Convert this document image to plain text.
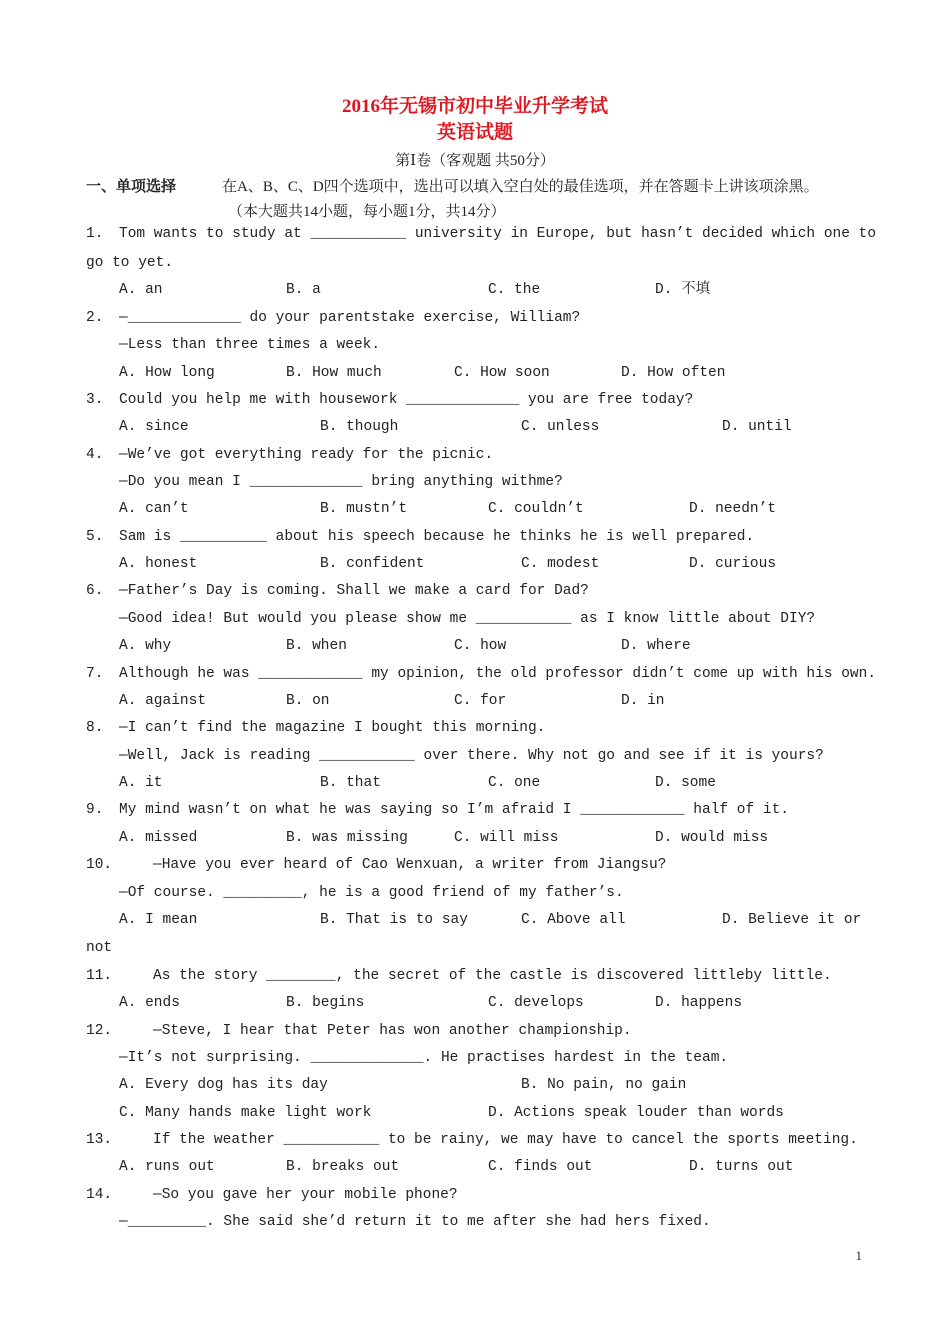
2016年无锡市初中毕业升学考试
英语试题
第Ⅰ卷（客观题 共50分）
一、单项选择	在A、B、C、D四个选项中，选出可以填入空白处的最佳选项，并在答题卡上讲该项涂黑。
（本大题共14小题，每小题1分，共14分）
1. Tom wants to study at ___________ university in Europe, but hasn’t decided which one to
go to yet.
A. an	B. a	C. the	D. 不填
2. —_____________ do your parentstake exercise, William?
—Less than three times a week.
A. How long	B. How much	C. How soon	D. How often
3. Could you help me with housework _____________ you are free today?
A. since	B. though	C. unless	D. until
4. —We’ve got everything ready for the picnic.
—Do you mean I _____________ bring anything withme?
A. can’t	B. mustn’t	C. couldn’t	D. needn’t
5. Sam is __________ about his speech because he thinks he is well prepared.
A. honest	B. confident	C. modest	D. curious
6. —Father’s Day is coming. Shall we make a card for Dad?
—Good idea! But would you please show me ___________ as I know little about DIY?
A. why	B. when	C. how	D. where
7. Although he was ____________ my opinion, the old professor didn’t come up with his own.
A. against	B. on	C. for	D. in
8. —I can’t find the magazine I bought this morning.
—Well, Jack is reading ___________ over there. Why not go and see if it is yours?
A. it	B. that	C. one	D. some
9. My mind wasn’t on what he was saying so I’m afraid I ____________ half of it.
A. missed	B. was missing	C. will miss	D. would miss
10.	—Have you ever heard of Cao Wenxuan, a writer from Jiangsu?
—Of course. _________, he is a good friend of my father’s.
A. I mean	B. That is to say	C. Above all	D. Believe it or
not
11.	As the story ________, the secret of the castle is discovered littleby little.
A. ends	B. begins	C. develops	D. happens
12.	—Steve, I hear that Peter has won another championship.
—It’s not surprising. _____________. He practises hardest in the team.
A. Every dog has its day	B. No pain, no gain
C. Many hands make light work	D. Actions speak louder than words
13.	If the weather ___________ to be rainy, we may have to cancel the sports meeting.
A. runs out	B. breaks out	C. finds out	D. turns out
14.	—So you gave her your mobile phone?
—_________. She said she’d return it to me after she had hers fixed.
1
